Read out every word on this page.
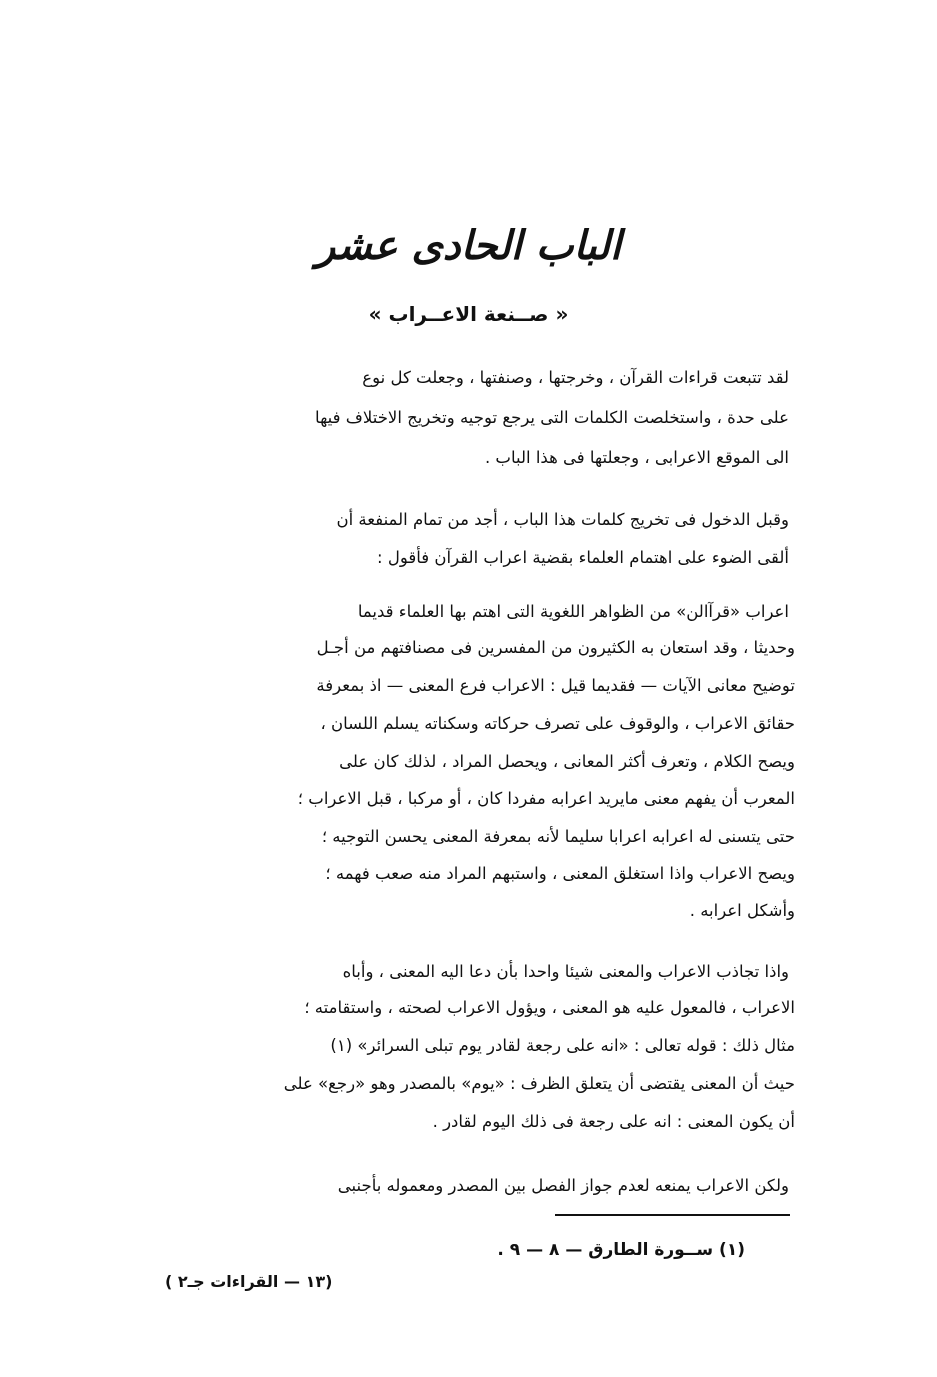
الباب الحادى عشر
« صــنعة الاعــراب »
لقد تتبعت قراءات القرآن ، وخرجتها ، وصنفتها ، وجعلت كل نوع
على حدة ، واستخلصت الكلمات التى يرجع توجيه وتخريج الاختلاف فيها
الى الموقع الاعرابى ، وجعلتها فى هذا الباب .
وقبل الدخول فى تخريج كلمات هذا الباب ، أجد من تمام المنفعة أن
ألقى الضوء على اهتمام العلماء بقضية اعراب القرآن فأقول :
اعراب «قرآالن» من الظواهر اللغوية التى اهتم بها العلماء قديما
وحديثا ، وقد استعان به الكثيرون من المفسرين فى مصنافتهم من أجـل
توضيح معانى الآيات — فقديما قيل : الاعراب فرع المعنى — اذ بمعرفة
حقائق الاعراب ، والوقوف على تصرف حركاته وسكناته يسلم اللسان ،
ويصح الكلام ، وتعرف أكثر المعانى ، ويحصل المراد ، لذلك كان على
المعرب أن يفهم معنى مايريد اعرابه مفردا كان ، أو مركبا ، قبل الاعراب ؛
حتى يتسنى له اعرابه اعرابا سليما لأنه بمعرفة المعنى يحسن التوجيه ؛
ويصح الاعراب واذا استغلق المعنى ، واستبهم المراد منه صعب فهمه ؛
وأشكل اعرابه .
واذا تجاذب الاعراب والمعنى شيئا واحدا بأن دعا اليه المعنى ، وأباه
الاعراب ، فالمعول عليه هو المعنى ، ويؤول الاعراب لصحته ، واستقامته ؛
مثال ذلك : قوله تعالى : «انه على رجعة لقادر يوم تبلى السرائر» (١)
حيث أن المعنى يقتضى أن يتعلق الظرف : «يوم» بالمصدر وهو «رجع» على
أن يكون المعنى : انه على رجعة فى ذلك اليوم لقادر .
ولكن الاعراب يمنعه لعدم جواز الفصل بين المصدر ومعموله بأجنبى
(١) ســورة الطارق — ٨ — ٩ .
(١٣ — القراءات جـ٢ )
